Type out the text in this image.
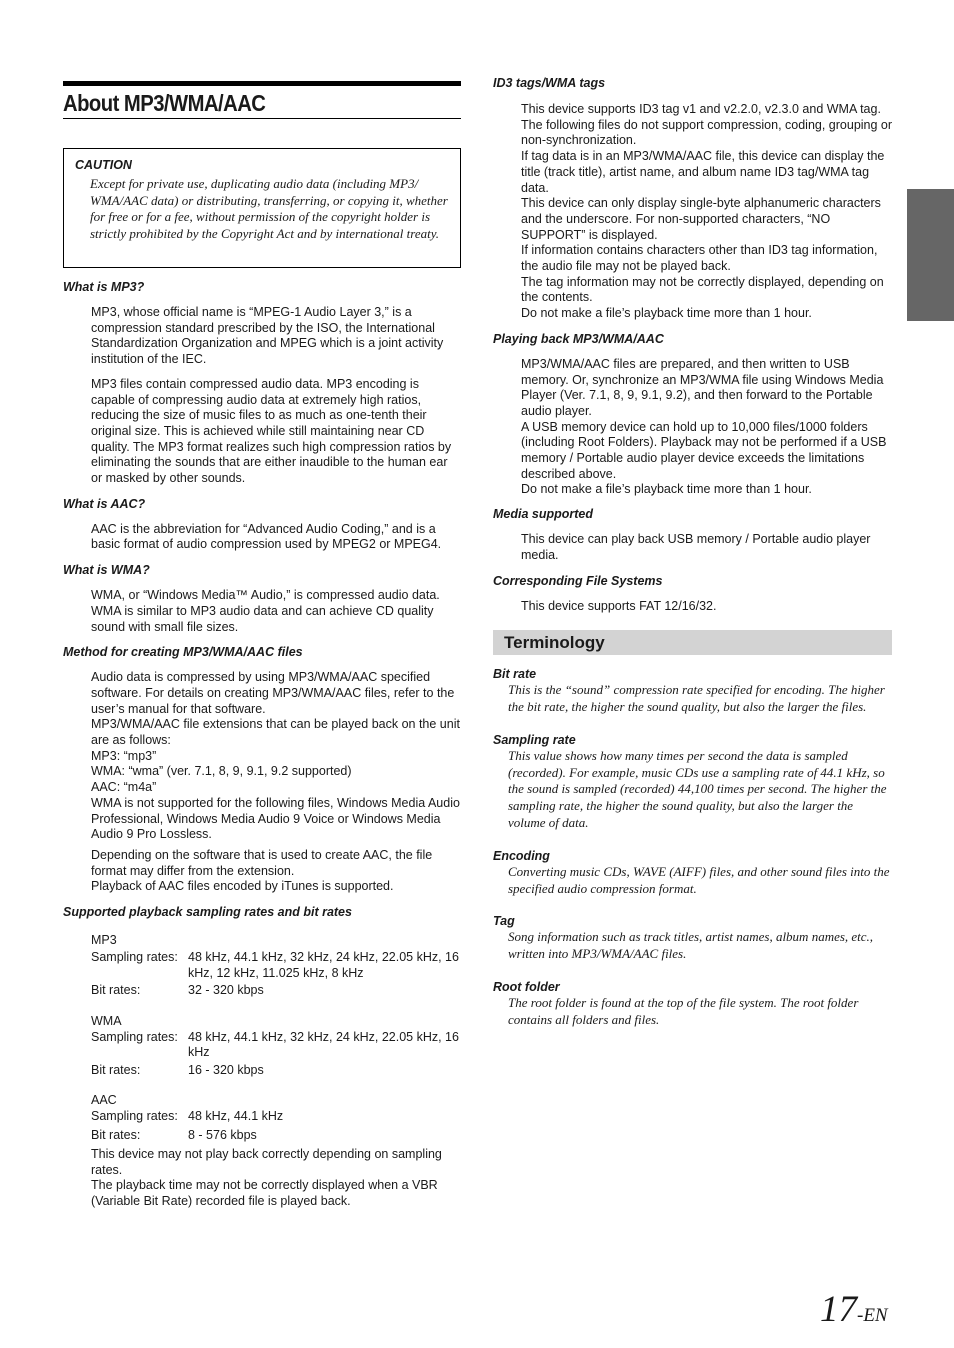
About MP3/WMA/AAC
CAUTION
Except for private use, duplicating audio data (including MP3/ WMA/AAC data) or distributing, transferring, or copying it, whether for free or for a fee, without permission of the copyright holder is strictly prohibited by the Copyright Act and by international treaty.
What is MP3?

MP3, whose official name is “MPEG-1 Audio Layer 3,” is a compression standard prescribed by the ISO, the International Standardization Organization and MPEG which is a joint activity institution of the IEC.

MP3 files contain compressed audio data. MP3 encoding is capable of compressing audio data at extremely high ratios, reducing the size of music files to as much as one-tenth their original size. This is achieved while still maintaining near CD quality. The MP3 format realizes such high compression ratios by eliminating the sounds that are either inaudible to the human ear or masked by other sounds.

What is AAC?

AAC is the abbreviation for “Advanced Audio Coding,” and is a basic format of audio compression used by MPEG2 or MPEG4.

What is WMA?

WMA, or “Windows Media™ Audio,” is compressed audio data. WMA is similar to MP3 audio data and can achieve CD quality sound with small file sizes.

Method for creating MP3/WMA/AAC files

Audio data is compressed by using MP3/WMA/AAC specified software. For details on creating MP3/WMA/AAC files, refer to the user’s manual for that software.

MP3/WMA/AAC file extensions that can be played back on the unit are as follows:

MP3: “mp3”

WMA: “wma” (ver. 7.1, 8, 9, 9.1, 9.2 supported)

AAC: “m4a”

WMA is not supported for the following files, Windows Media Audio Professional, Windows Media Audio 9 Voice or Windows Media Audio 9 Pro Lossless.

Depending on the software that is used to create AAC, the file format may differ from the extension.

Playback of AAC files encoded by iTunes is supported.

Supported playback sampling rates and bit rates

MP3

Sampling rates: 48 kHz, 44.1 kHz, 32 kHz, 24 kHz, 22.05 kHz, 16 kHz, 12 kHz, 11.025 kHz, 8 kHz
Bit rates:	32 - 320 kbps

WMA

Sampling rates: 48 kHz, 44.1 kHz, 32 kHz, 24 kHz, 22.05 kHz, 16 kHz
Bit rates:	16 - 320 kbps

AAC

Sampling rates: 48 kHz, 44.1 kHz
Bit rates:	8 - 576 kbps

This device may not play back correctly depending on sampling rates.

The playback time may not be correctly displayed when a VBR (Variable Bit Rate) recorded file is played back.

ID3 tags/WMA tags

This device supports ID3 tag v1 and v2.2.0, v2.3.0 and WMA tag. The following files do not support compression, coding, grouping or non-synchronization.

If tag data is in an MP3/WMA/AAC file, this device can display the title (track title), artist name, and album name ID3 tag/WMA tag data.

This device can only display single-byte alphanumeric characters and the underscore. For non-supported characters, “NO SUPPORT” is displayed.

If information contains characters other than ID3 tag information, the audio file may not be played back.

The tag information may not be correctly displayed, depending on the contents.

Do not make a file’s playback time more than 1 hour.

Playing back MP3/WMA/AAC

MP3/WMA/AAC files are prepared, and then written to USB memory. Or, synchronize an MP3/WMA file using Windows Media Player (Ver. 7.1, 8, 9, 9.1, 9.2), and then forward to the Portable audio player.

A USB memory device can hold up to 10,000 files/1000 folders (including Root Folders). Playback may not be performed if a USB memory / Portable audio player device exceeds the limitations described above.

Do not make a file’s playback time more than 1 hour.

Media supported

This device can play back USB memory / Portable audio player media.

Corresponding File Systems

This device supports FAT 12/16/32.

Terminology
Bit rate
This is the “sound” compression rate specified for encoding. The higher the bit rate, the higher the sound quality, but also the larger the files.
Sampling rate
This value shows how many times per second the data is sampled (recorded). For example, music CDs use a sampling rate of 44.1 kHz, so the sound is sampled (recorded) 44,100 times per second. The higher the sampling rate, the higher the sound quality, but also the larger the volume of data.
Encoding
Converting music CDs, WAVE (AIFF) files, and other sound files into the specified audio compression format.
Tag
Song information such as track titles, artist names, album names, etc., written into MP3/WMA/AAC files.
Root folder
The root folder is found at the top of the file system. The root folder contains all folders and files.
17-EN
